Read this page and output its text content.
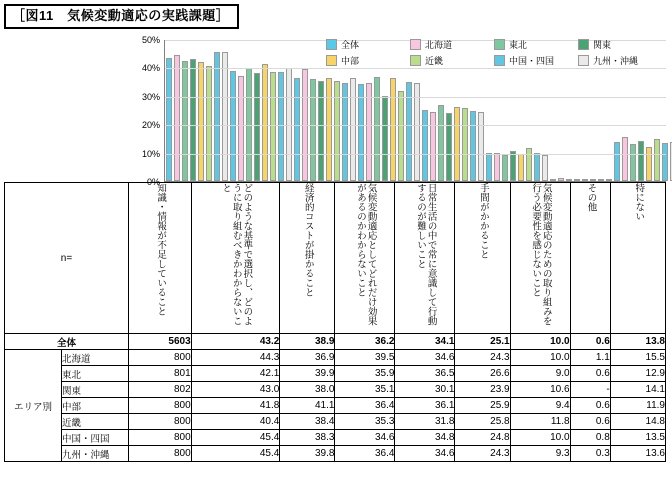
［図11　気候変動適応の実践課題］
0%
10%
20%
30%
40%
50%	全体	北海道	東北	関東
中部	近畿	中国・四国	九州・沖縄
n=		知識・情報が不足していること	どのような基準で選択し、どのように取り組むべきかわからないこと	経済的コストが掛かること	気候変動適応としてどれだけ効果があるのかわからないこと	日常生活の中で常に意識して行動するのが難しいこと	手間がかかること	気候変動適応のための取り組みを行う必要性を感じないこと	その他	特にない

全体		5603	43.2	38.9	36.2	34.1	25.1	10.0	0.6	13.8
エリア別	北海道	800	44.3	36.9	39.5	34.6	24.3	10.0	1.1	15.5
	東北	801	42.1	39.9	35.9	36.5	26.6	9.0	0.6	12.9
	関東	802	43.0	38.0	35.1	30.1	23.9	10.6	-	14.1
	中部	800	41.8	41.1	36.4	36.1	25.9	9.4	0.6	11.9
	近畿	800	40.4	38.4	35.3	31.8	25.8	11.8	0.6	14.8
	中国・四国	800	45.4	38.3	34.6	34.8	24.8	10.0	0.8	13.5
	九州・沖縄	800	45.4	39.8	36.4	34.6	24.3	9.3	0.3	13.6
